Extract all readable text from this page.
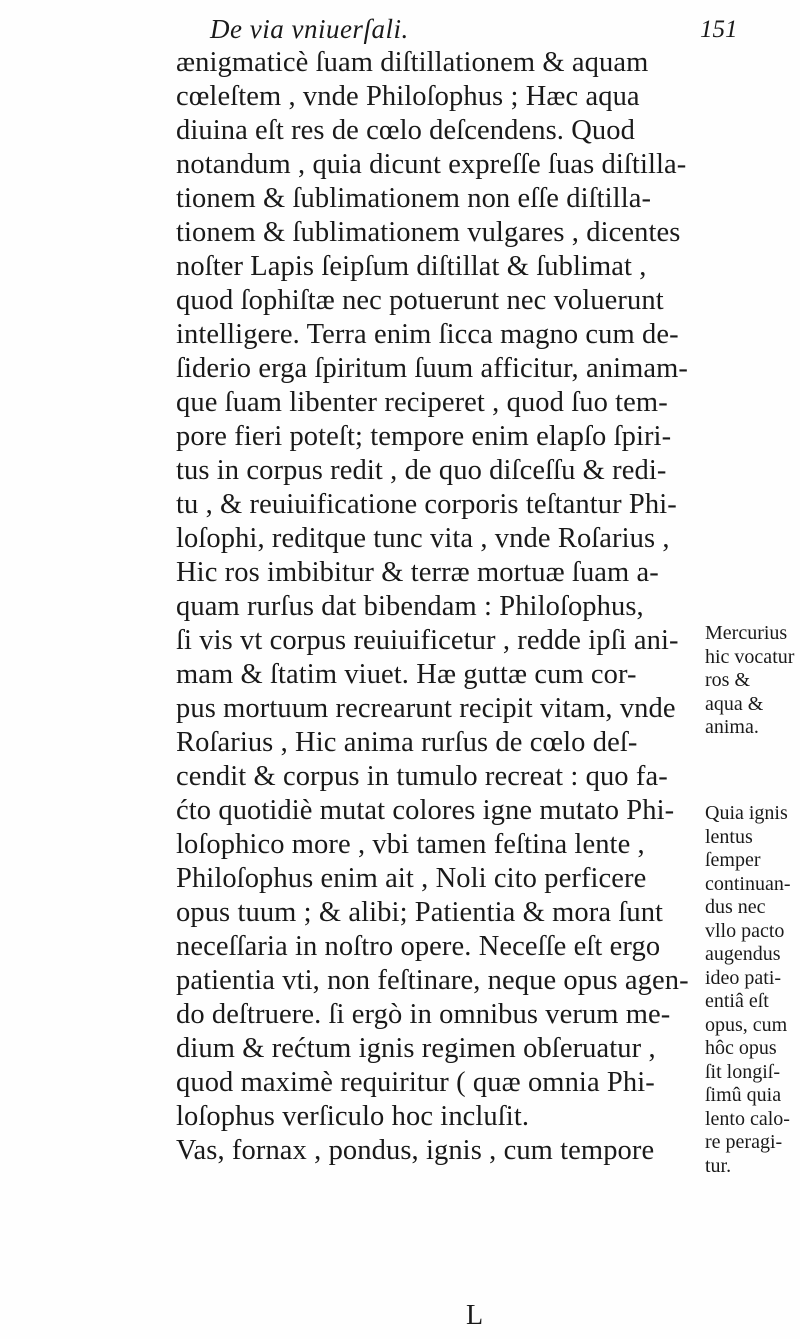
De via vniuerſali.	151
ænigmaticè ſuam diſtillationem & aquam
cœleſtem , vnde Philoſophus ; Hæc aqua
diuina eſt res de cœlo deſcendens. Quod
notandum , quia dicunt expreſſe ſuas diſtilla-
tionem & ſublimationem non eſſe diſtilla-
tionem & ſublimationem vulgares , dicentes
noſter Lapis ſeipſum diſtillat & ſublimat ,
quod ſophiſtæ nec potuerunt nec voluerunt
intelligere. Terra enim ſicca magno cum de-
ſiderio erga ſpiritum ſuum afficitur, animam-
que ſuam libenter reciperet , quod ſuo tem-
pore fieri poteſt; tempore enim elapſo ſpiri-
tus in corpus redit , de quo diſceſſu & redi-
tu , & reuiuificatione corporis teſtantur Phi-
loſophi, reditque tunc vita , vnde Roſarius ,
Hic ros imbibitur & terræ mortuæ ſuam a-
quam rurſus dat bibendam : Philoſophus,
ſi vis vt corpus reuiuificetur , redde ipſi ani-
mam & ſtatim viuet. Hæ guttæ cum cor-
pus mortuum recrearunt recipit vitam, vnde
Roſarius , Hic anima rurſus de cœlo deſ-
cendit & corpus in tumulo recreat : quo fa-
ćto quotidiè mutat colores igne mutato Phi-
loſophico more , vbi tamen feſtina lente ,
Philoſophus enim ait , Noli cito perficere
opus tuum ; & alibi; Patientia & mora ſunt
neceſſaria in noſtro opere. Neceſſe eſt ergo
patientia vti, non feſtinare, neque opus agen-
do deſtruere. ſi ergò in omnibus verum me-
dium & rećtum ignis regimen obſeruatur ,
quod maximè requiritur ( quæ omnia Phi-
loſophus verſiculo hoc incluſit.
Vas, fornax , pondus, ignis , cum tempore
Mercurius
hic vocatur
ros &
aqua &
anima.
Quia ignis
lentus
ſemper
continuan-
dus nec
vllo pacto
augendus
ideo pati-
entiâ eſt
opus, cum
hôc opus
ſit longiſ-
ſimû quia
lento calo-
re peragi-
tur.
L
